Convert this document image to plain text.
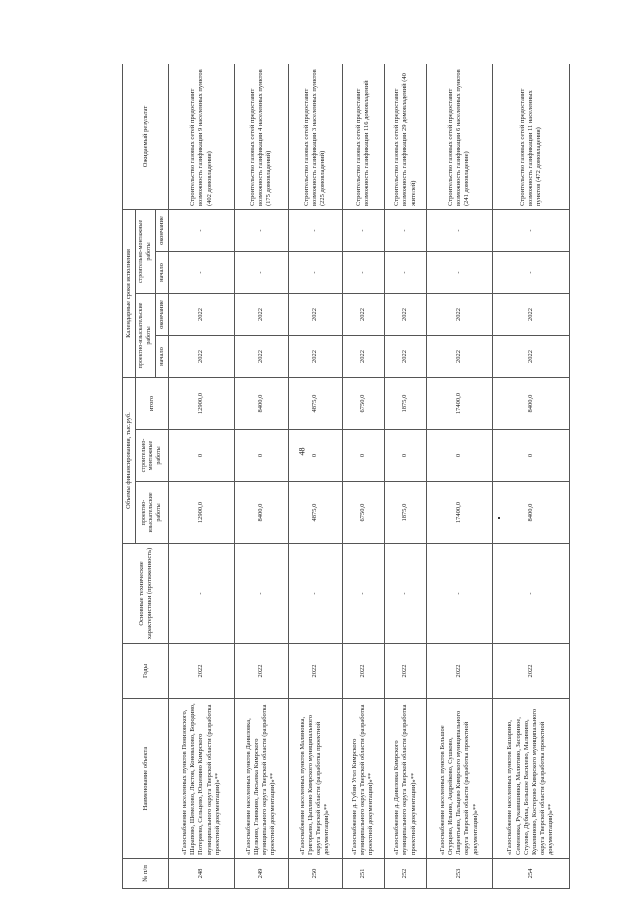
48
№ п/п	Наименование объекта	Годы	Основные технические характеристики (протяженность)	Объемы финансирования, тыс.руб.			Календарные сроки исполнения				Ожидаемый результат
				проектно-изыскательские работы	строительно-монтажные работы	итого	проектно-изыскательские работы		строительно-монтажные работы		
							начало	окончание	начало	окончание	
248	«Газоснабжение населенных пунктов Понизовского, Шарапово, Шемелово, Листов, Коновалово, Бородино, Потеряево, Сельцево, Юшенино Кимрского муниципального округа Тверской области (разработка проектной документации)»**	2022	-	12900,0	0	12900,0	2022	2022	-	-	Строительство газовых сетей предоставит возможность газификации 9 населенных пунктов (402 домовладения)
249	«Газоснабжение населенных пунктов Даниловка, Щелкино, Глинкино, Лисьевка Кимрского муниципального округа Тверской области (разработка проектной документации)»**	2022	-	8400,0	0	8400,0	2022	2022	-	-	Строительство газовых сетей предоставит возможность газификации 4 населенных пунктов (175 домовладений)
250	«Газоснабжение населенных пунктов Малиновка, Григорьево, Цыплино Кимрского муниципального округа Тверской области (разработка проектной документации)»**	2022	-	4875,0	0	4875,0	2022	2022	-	-	Строительство газовых сетей предоставит возможность газификации 3 населенных пунктов (225 домовладений)
251	«Газоснабжение д. Губин Угол Кимрского муниципального округа Тверской области (разработка проектной документации)»**	2022	-	6750,0	0	6750,0	2022	2022	-	-	Строительство газовых сетей предоставит возможность газификации 116 домовладений
252	«Газоснабжение д. Даниловка Кимрского муниципального округа Тверской области (разработка проектной документации)»**	2022	-	1875,0	0	1875,0	2022	2022	-	-	Строительство газовых сетей предоставит возможность газификации 29 домовладений (40 жителей)
253	«Газоснабжение населенных пунктов Большое Огурцово, Ильино, Андрейково, Сушково, Лаврентьево, Пальцево Кимрского муниципального округа Тверской области (разработка проектной документации)»**	2022	-	17400,0	0	17400,0	2022	2022	-	-	Строительство газовых сетей предоставит возможность газификации 6 населенных пунктов (241 домовладение)
254	«Газоснабжение населенных пунктов Башарино, Семеновка, Рукавишники, Малютино, Засориное, Стулово, Дубиха, Большое Василево, Малинино, Кушевиново, Костерово Кимрского муниципального округа Тверской области (разработка проектной документации)»**	2022	-	8400,0	0	8400,0	2022	2022	-	-	Строительство газовых сетей предоставит возможность газификации 11 населенных пунктов (472 домовладения)
